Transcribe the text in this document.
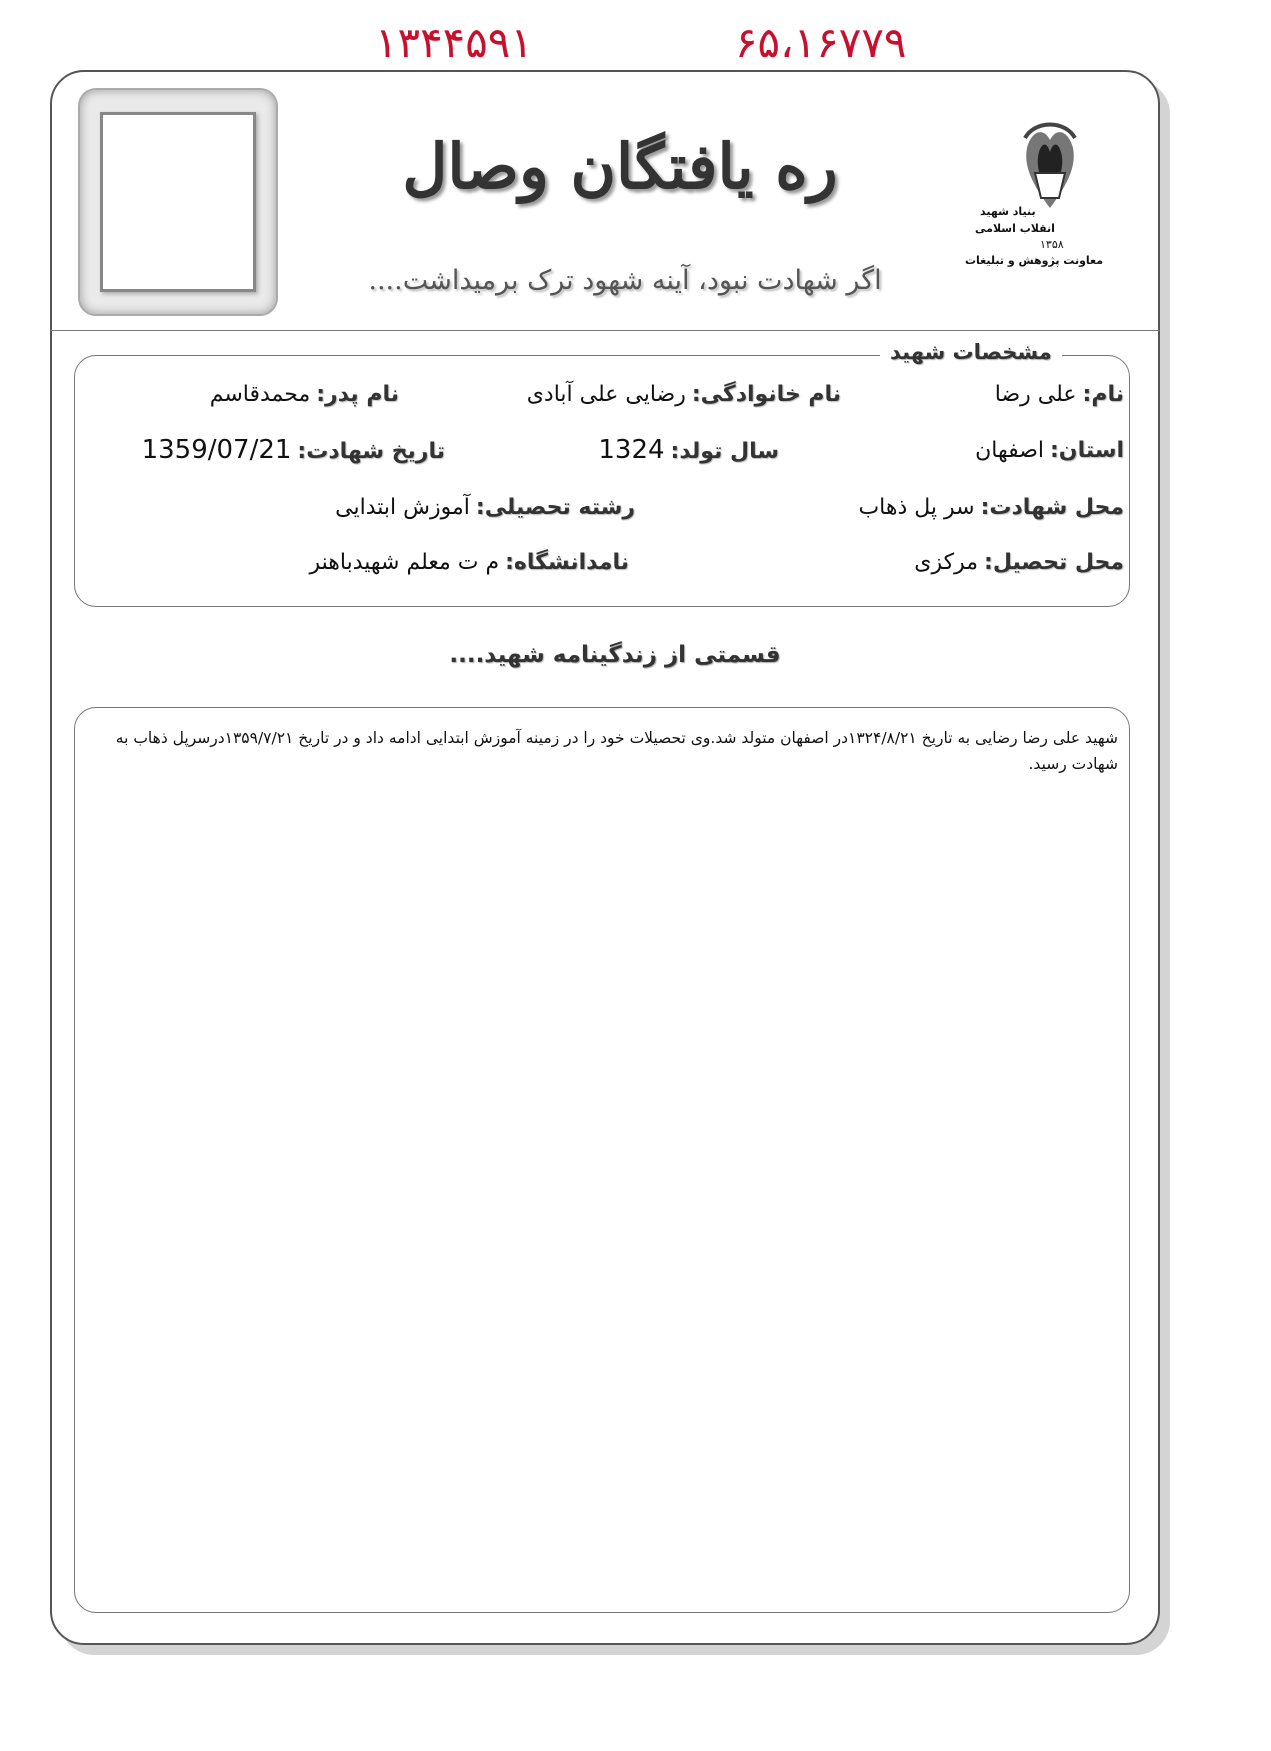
۱۳۴۴۵۹۱	۶۵،۱۶۷۷۹
بنیاد شهید
انقلاب اسلامی
۱۳۵۸
معاونت پژوهش و تبلیغات
ره یافتگان وصال
اگر شهادت نبود، آینه شهود ترک برمیداشت....
مشخصات شهید
نام:علی رضا
نام خانوادگی:رضایی علی آبادی
نام پدر:محمدقاسم
استان:اصفهان
سال تولد:1324
تاریخ شهادت:1359/07/21
محل شهادت:سر پل ذهاب
رشته تحصیلی:آموزش ابتدایی
محل تحصیل:مرکزی
نامدانشگاه:م ت معلم شهیدباهنر
قسمتی از زندگینامه شهید....
شهید علی رضا رضایی به تاریخ ۱۳۲۴/۸/۲۱در اصفهان متولد شد.وی تحصیلات خود را در زمینه آموزش ابتدایی ادامه داد و در تاریخ ۱۳۵۹/۷/۲۱درسرپل ذهاب به شهادت رسید.
